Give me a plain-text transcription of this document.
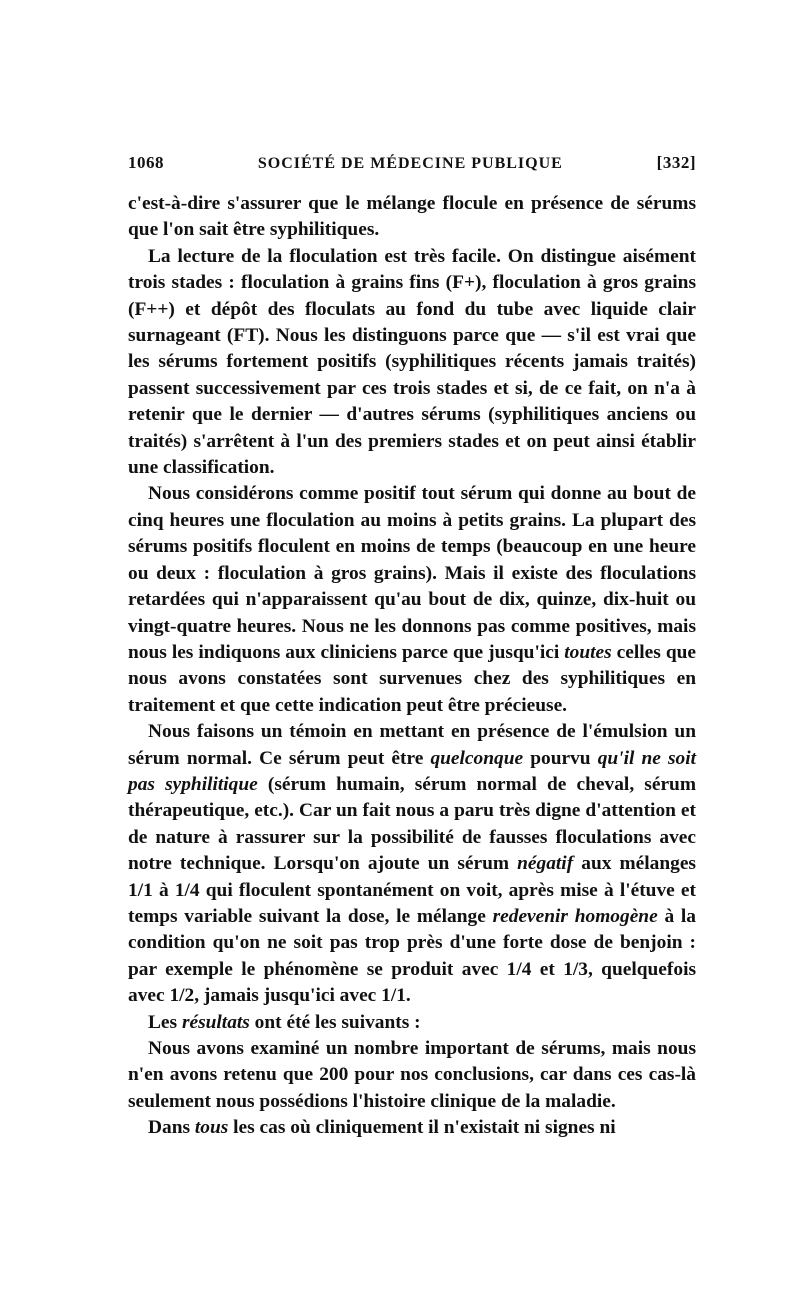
1068	SOCIÉTÉ DE MÉDECINE PUBLIQUE	[332]

c'est-à-dire s'assurer que le mélange flocule en présence de sérums que l'on sait être syphilitiques.

La lecture de la floculation est très facile. On distingue aisément trois stades : floculation à grains fins (F+), floculation à gros grains (F++) et dépôt des floculats au fond du tube avec liquide clair surnageant (FT). Nous les distinguons parce que — s'il est vrai que les sérums fortement positifs (syphilitiques récents jamais traités) passent successivement par ces trois stades et si, de ce fait, on n'a à retenir que le dernier — d'autres sérums (syphilitiques anciens ou traités) s'arrêtent à l'un des premiers stades et on peut ainsi établir une classification.

Nous considérons comme positif tout sérum qui donne au bout de cinq heures une floculation au moins à petits grains. La plupart des sérums positifs floculent en moins de temps (beaucoup en une heure ou deux : floculation à gros grains). Mais il existe des floculations retardées qui n'apparaissent qu'au bout de dix, quinze, dix-huit ou vingt-quatre heures. Nous ne les donnons pas comme positives, mais nous les indiquons aux cliniciens parce que jusqu'ici toutes celles que nous avons constatées sont survenues chez des syphilitiques en traitement et que cette indication peut être précieuse.

Nous faisons un témoin en mettant en présence de l'émulsion un sérum normal. Ce sérum peut être quelconque pourvu qu'il ne soit pas syphilitique (sérum humain, sérum normal de cheval, sérum thérapeutique, etc.). Car un fait nous a paru très digne d'attention et de nature à rassurer sur la possibilité de fausses floculations avec notre technique. Lorsqu'on ajoute un sérum négatif aux mélanges 1/1 à 1/4 qui floculent spontanément on voit, après mise à l'étuve et temps variable suivant la dose, le mélange redevenir homogène à la condition qu'on ne soit pas trop près d'une forte dose de benjoin : par exemple le phénomène se produit avec 1/4 et 1/3, quelquefois avec 1/2, jamais jusqu'ici avec 1/1.

Les résultats ont été les suivants :

Nous avons examiné un nombre important de sérums, mais nous n'en avons retenu que 200 pour nos conclusions, car dans ces cas-là seulement nous possédions l'histoire clinique de la maladie.

Dans tous les cas où cliniquement il n'existait ni signes ni
